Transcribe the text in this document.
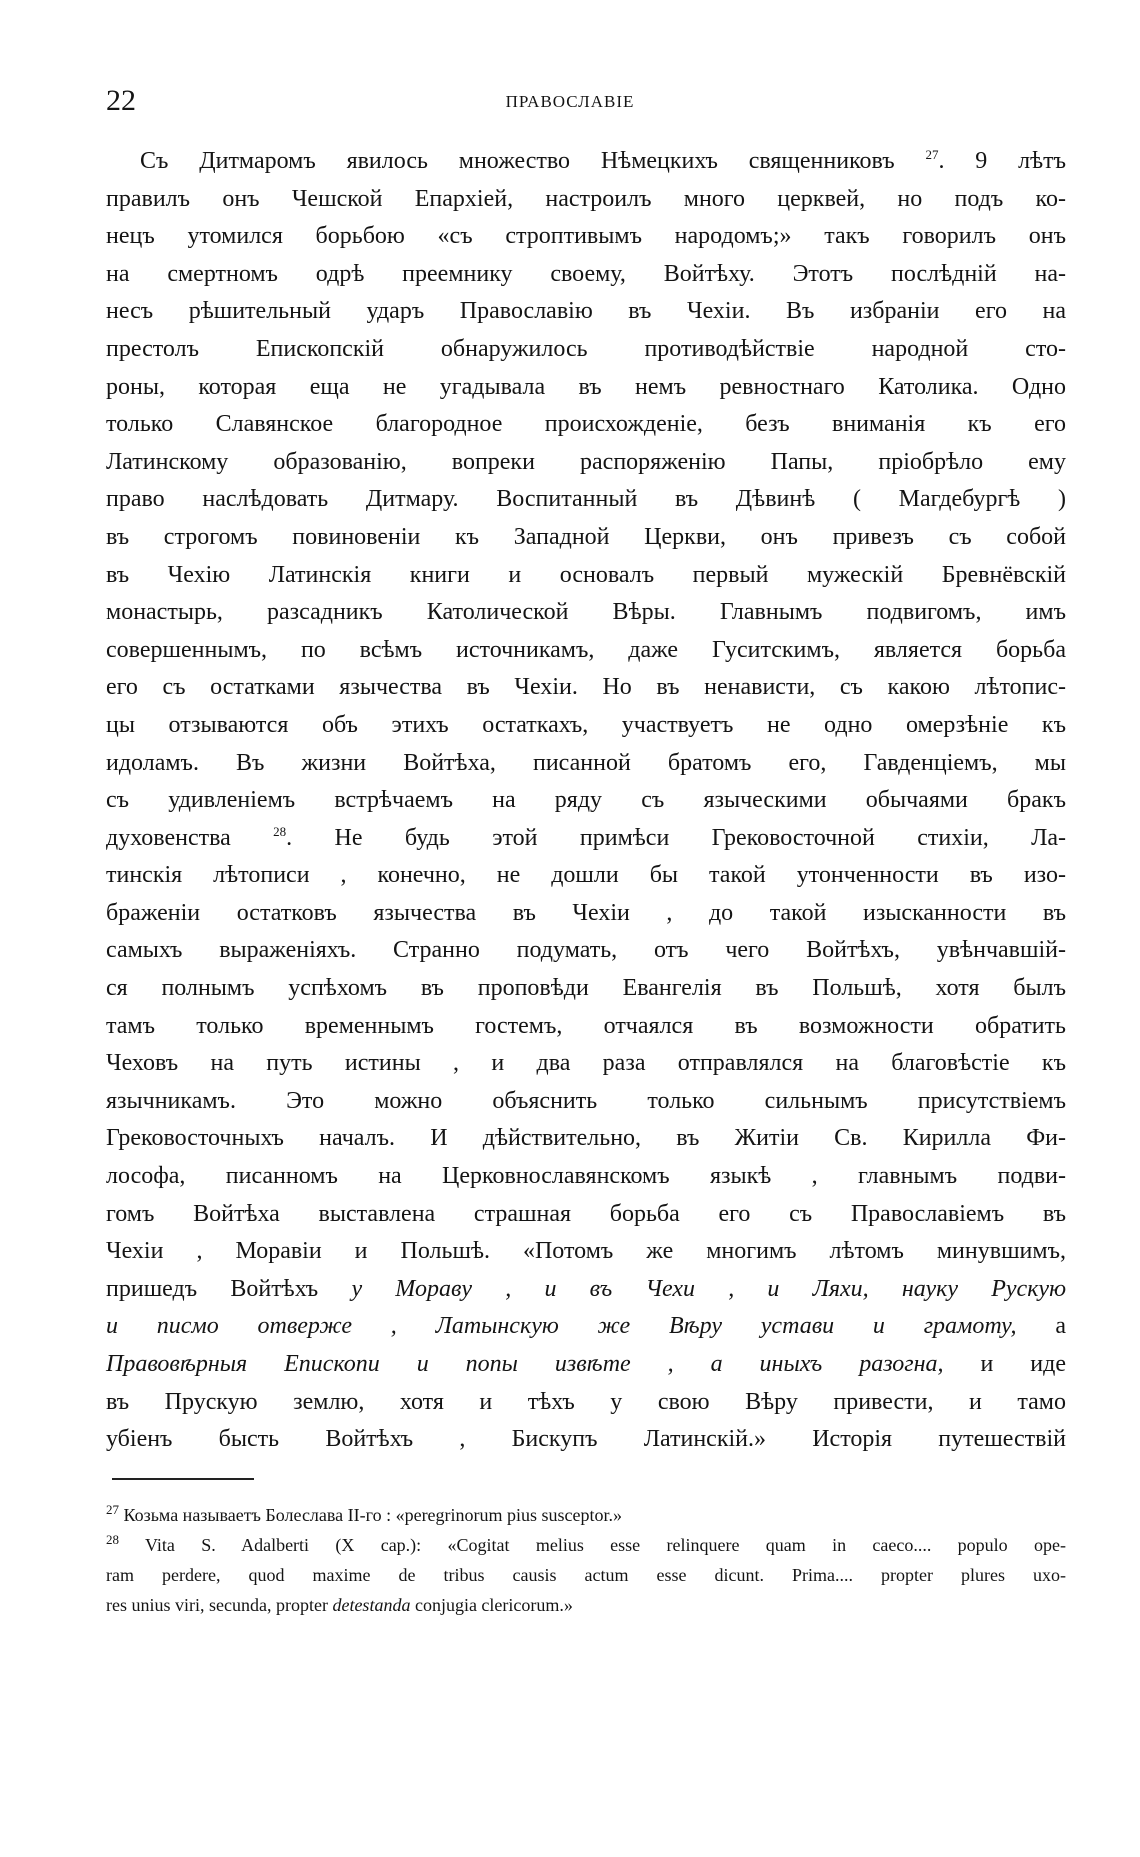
22	ПРАВОСЛАВІЕ
Съ Дитмаромъ явилось множество Нѣмецкихъ священниковъ $^{27}$. 9 лѣтъ
правилъ онъ Чешской Епархіей, настроилъ много церквей, но подъ ко-
нецъ утомился борьбою «съ строптивымъ народомъ;» такъ говорилъ онъ
на смертномъ одрѣ преемнику своему, Войтѣху. Этотъ послѣдній на-
несъ рѣшительный ударъ Православію въ Чехіи. Въ избраніи его на
престолъ Епископскій обнаружилось противодѣйствіе народной сто-
роны, которая еща не угадывала въ немъ ревностнаго Католика. Одно
только Славянское благородное происхожденіе, безъ вниманія къ его
Латинскому образованію, вопреки распоряженію Папы, пріобрѣло ему
право наслѣдовать Дитмару. Воспитанный въ Дѣвинѣ ( Магдебургѣ )
въ строгомъ повиновеніи къ Западной Церкви, онъ привезъ съ собой
въ Чехію Латинскія книги и основалъ первый мужескій Бревнёвскій
монастырь, разсадникъ Католической Вѣры. Главнымъ подвигомъ, имъ
совершеннымъ, по всѣмъ источникамъ, даже Гуситскимъ, является борьба
его съ остатками язычества въ Чехіи. Но въ ненависти, съ какою лѣтопис-
цы отзываются объ этихъ остаткахъ, участвуетъ не одно омерзѣніе къ
идоламъ. Въ жизни Войтѣха, писанной братомъ его, Гавденціемъ, мы
съ удивленіемъ встрѣчаемъ на ряду съ языческими обычаями бракъ
духовенства $^{28}$. Не будь этой примѣси Грековосточной стихіи, Ла-
тинскія лѣтописи , конечно, не дошли бы такой утонченности въ изо-
браженіи остатковъ язычества въ Чехіи , до такой изысканности въ
самыхъ выраженіяхъ. Странно подумать, отъ чего Войтѣхъ, увѣнчавшій-
ся полнымъ успѣхомъ въ проповѣди Евангелія въ Польшѣ, хотя былъ
тамъ только временнымъ гостемъ, отчаялся въ возможности обратить
Чеховъ на путь истины , и два раза отправлялся на благовѣстіе къ
язычникамъ. Это можно объяснить только сильнымъ присутствіемъ
Грековосточныхъ началъ. И дѣйствительно, въ Житіи Св. Кирилла Фи-
лософа, писанномъ на Церковнославянскомъ языкѣ , главнымъ подви-
гомъ Войтѣха выставлена страшная борьба его съ Православіемъ въ
Чехіи , Моравіи и Польшѣ. «Потомъ же многимъ лѣтомъ минувшимъ,
пришедъ Войтѣхъ у Мораву , и въ Чехи , и Ляхи, науку Рускую
и писмо отверже , Латынскую же Вѣру устави и грамоту, а
Правовѣрныя Епископи и попы извѣте , а иныхъ разогна, и иде
въ Прускую землю, хотя и тѣхъ у свою Вѣру привести, и тамо
убіенъ бысть Войтѣхъ , Бискупъ Латинскій.» Исторія путешествій
$^{27}$ Козьма называетъ Болеслава II-го : «peregrinorum pius susceptor.»
$^{28}$ Vita S. Adalberti (X cap.): «Cogitat melius esse relinquere quam in caeco.... populo ope-
ram perdere, quod maxime de tribus causis actum esse dicunt. Prima.... propter plures uxo-
res unius viri, secunda, propter detestanda conjugia clericorum.»
